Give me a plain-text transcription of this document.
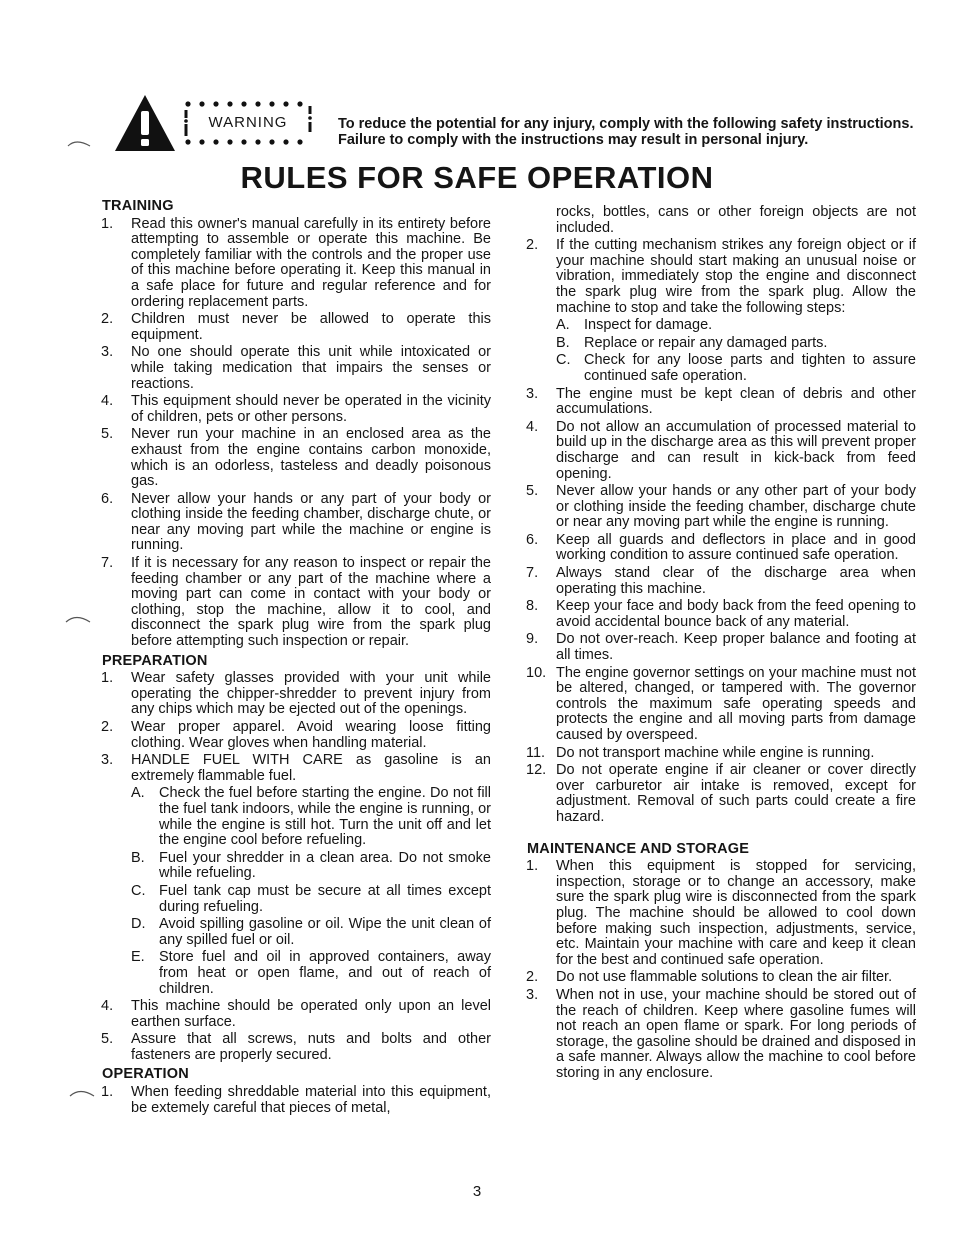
WARNING	To reduce the potential for any injury, comply with the following safety instructions. Failure to comply with the instructions may result in personal injury.
RULES FOR SAFE OPERATION
TRAINING
1.	Read this owner's manual carefully in its entirety before attempting to assemble or operate this machine. Be completely familiar with the controls and the proper use of this machine before operating it. Keep this manual in a safe place for future and regular reference and for ordering replacement parts.
2.	Children must never be allowed to operate this equipment.
3.	No one should operate this unit while intoxicated or while taking medication that impairs the senses or reactions.
4.	This equipment should never be operated in the vicinity of children, pets or other persons.
5.	Never run your machine in an enclosed area as the exhaust from the engine contains carbon monoxide, which is an odorless, tasteless and deadly poisonous gas.
6.	Never allow your hands or any part of your body or clothing inside the feeding chamber, discharge chute, or near any moving part while the machine or engine is running.
7.	If it is necessary for any reason to inspect or repair the feeding chamber or any part of the machine where a moving part can come in contact with your body or clothing, stop the machine, allow it to cool, and disconnect the spark plug wire from the spark plug before attempting such inspection or repair.
PREPARATION
1.	Wear safety glasses provided with your unit while operating the chipper-shredder to prevent injury from any chips which may be ejected out of the openings.
2.	Wear proper apparel. Avoid wearing loose fitting clothing. Wear gloves when handling material.
3.	HANDLE FUEL WITH CARE as gasoline is an extremely flammable fuel.
A. Check the fuel before starting the engine. Do not fill the fuel tank indoors, while the engine is running, or while the engine is still hot. Turn the unit off and let the engine cool before refueling.
B. Fuel your shredder in a clean area. Do not smoke while refueling.
C. Fuel tank cap must be secure at all times except during refueling.
D. Avoid spilling gasoline or oil. Wipe the unit clean of any spilled fuel or oil.
E. Store fuel and oil in approved containers, away from heat or open flame, and out of reach of children.
4.	This machine should be operated only upon an level earthen surface.
5.	Assure that all screws, nuts and bolts and other fasteners are properly secured.
OPERATION
1.	When feeding shreddable material into this equipment, be extemely careful that pieces of metal,
rocks, bottles, cans or other foreign objects are not included.
2.	If the cutting mechanism strikes any foreign object or if your machine should start making an unusual noise or vibration, immediately stop the engine and disconnect the spark plug wire from the spark plug. Allow the machine to stop and take the following steps:
A. Inspect for damage.
B. Replace or repair any damaged parts.
C. Check for any loose parts and tighten to assure continued safe operation.
3.	The engine must be kept clean of debris and other accumulations.
4.	Do not allow an accumulation of processed material to build up in the discharge area as this will prevent proper discharge and can result in kick-back from feed opening.
5.	Never allow your hands or any other part of your body or clothing inside the feeding chamber, discharge chute or near any moving part while the engine is running.
6.	Keep all guards and deflectors in place and in good working condition to assure continued safe operation.
7.	Always stand clear of the discharge area when operating this machine.
8.	Keep your face and body back from the feed opening to avoid accidental bounce back of any material.
9.	Do not over-reach. Keep proper balance and footing at all times.
10. The engine governor settings on your machine must not be altered, changed, or tampered with. The governor controls the maximum safe operating speeds and protects the engine and all moving parts from damage caused by overspeed.
11. Do not transport machine while engine is running.
12. Do not operate engine if air cleaner or cover directly over carburetor air intake is removed, except for adjustment. Removal of such parts could create a fire hazard.
MAINTENANCE AND STORAGE
1.	When this equipment is stopped for servicing, inspection, storage or to change an accessory, make sure the spark plug wire is disconnected from the spark plug. The machine should be allowed to cool down before making such inspection, adjustments, service, etc. Maintain your machine with care and keep it clean for the best and continued safe operation.
2.	Do not use flammable solutions to clean the air filter.
3.	When not in use, your machine should be stored out of the reach of children. Keep where gasoline fumes will not reach an open flame or spark. For long periods of storage, the gasoline should be drained and disposed in a safe manner. Always allow the machine to cool before storing in any enclosure.
3
